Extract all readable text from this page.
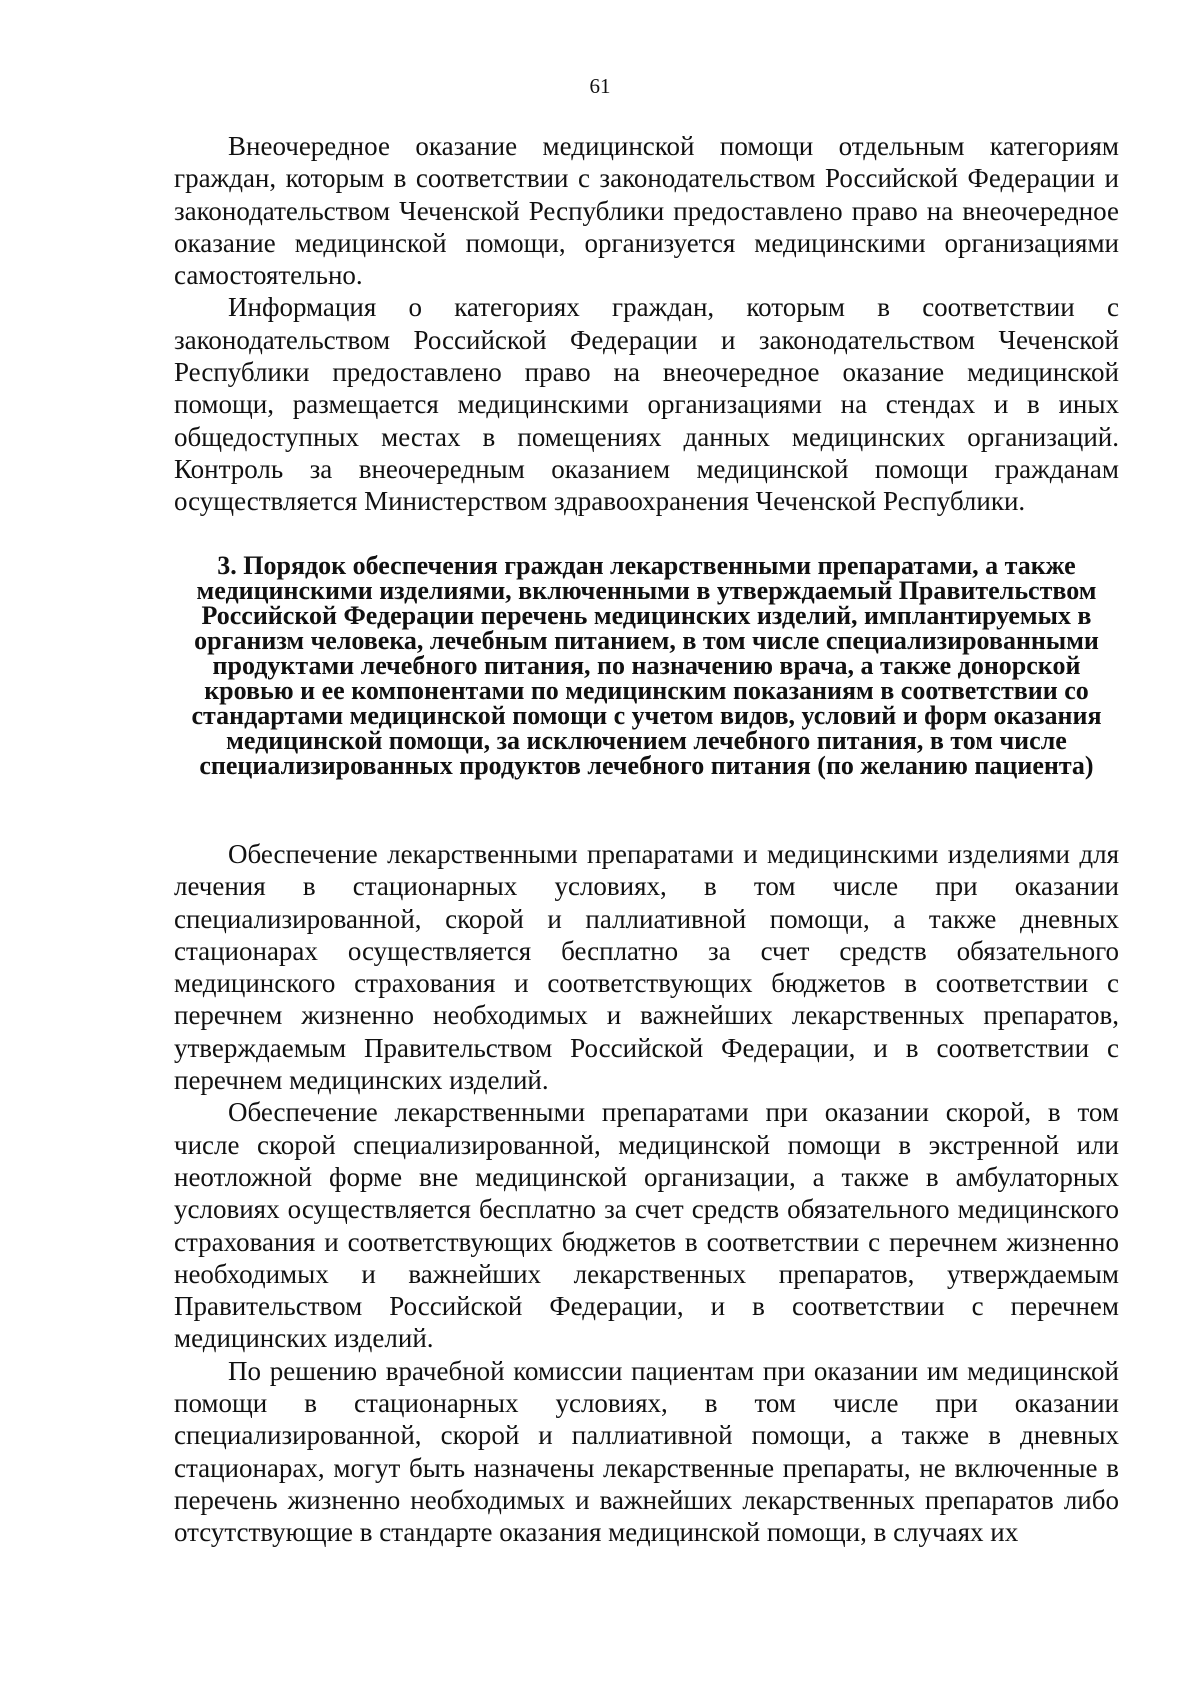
61

Внеочередное оказание медицинской помощи отдельным категориям граждан, которым в соответствии с законодательством Российской Федерации и законодательством Чеченской Республики предоставлено право на внеочередное оказание медицинской помощи, организуется медицинскими организациями самостоятельно.

Информация о категориях граждан, которым в соответствии с законодательством Российской Федерации и законодательством Чеченской Республики предоставлено право на внеочередное оказание медицинской помощи, размещается медицинскими организациями на стендах и в иных общедоступных местах в помещениях данных медицинских организаций. Контроль за внеочередным оказанием медицинской помощи гражданам осуществляется Министерством здравоохранения Чеченской Республики.

3. Порядок обеспечения граждан лекарственными препаратами, а также медицинскими изделиями, включенными в утверждаемый Правительством Российской Федерации перечень медицинских изделий, имплантируемых в организм человека, лечебным питанием, в том числе специализированными продуктами лечебного питания, по назначению врача, а также донорской кровью и ее компонентами по медицинским показаниям в соответствии со стандартами медицинской помощи с учетом видов, условий и форм оказания медицинской помощи, за исключением лечебного питания, в том числе специализированных продуктов лечебного питания (по желанию пациента)

Обеспечение лекарственными препаратами и медицинскими изделиями для лечения в стационарных условиях, в том числе при оказании специализированной, скорой и паллиативной помощи, а также дневных стационарах осуществляется бесплатно за счет средств обязательного медицинского страхования и соответствующих бюджетов в соответствии с перечнем жизненно необходимых и важнейших лекарственных препаратов, утверждаемым Правительством Российской Федерации, и в соответствии с перечнем медицинских изделий.

Обеспечение лекарственными препаратами при оказании скорой, в том числе скорой специализированной, медицинской помощи в экстренной или неотложной форме вне медицинской организации, а также в амбулаторных условиях осуществляется бесплатно за счет средств обязательного медицинского страхования и соответствующих бюджетов в соответствии с перечнем жизненно необходимых и важнейших лекарственных препаратов, утверждаемым Правительством Российской Федерации, и в соответствии с перечнем медицинских изделий.

По решению врачебной комиссии пациентам при оказании им медицинской помощи в стационарных условиях, в том числе при оказании специализированной, скорой и паллиативной помощи, а также в дневных стационарах, могут быть назначены лекарственные препараты, не включенные в перечень жизненно необходимых и важнейших лекарственных препаратов либо отсутствующие в стандарте оказания медицинской помощи, в случаях их
